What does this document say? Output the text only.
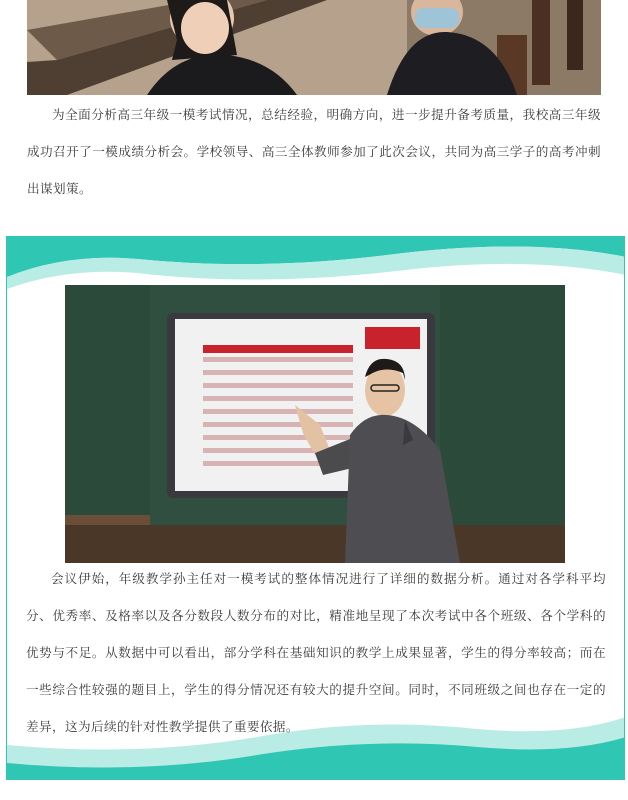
为全面分析高三年级一模考试情况，总结经验，明确方向，进一步提升备考质量，我校高三年级成功召开了一模成绩分析会。学校领导、高三全体教师参加了此次会议，共同为高三学子的高考冲刺出谋划策。
会议伊始，年级教学孙主任对一模考试的整体情况进行了详细的数据分析。通过对各学科平均分、优秀率、及格率以及各分数段人数分布的对比，精准地呈现了本次考试中各个班级、各个学科的优势与不足。从数据中可以看出，部分学科在基础知识的教学上成果显著，学生的得分率较高；而在一些综合性较强的题目上，学生的得分情况还有较大的提升空间。同时，不同班级之间也存在一定的差异，这为后续的针对性教学提供了重要依据。
